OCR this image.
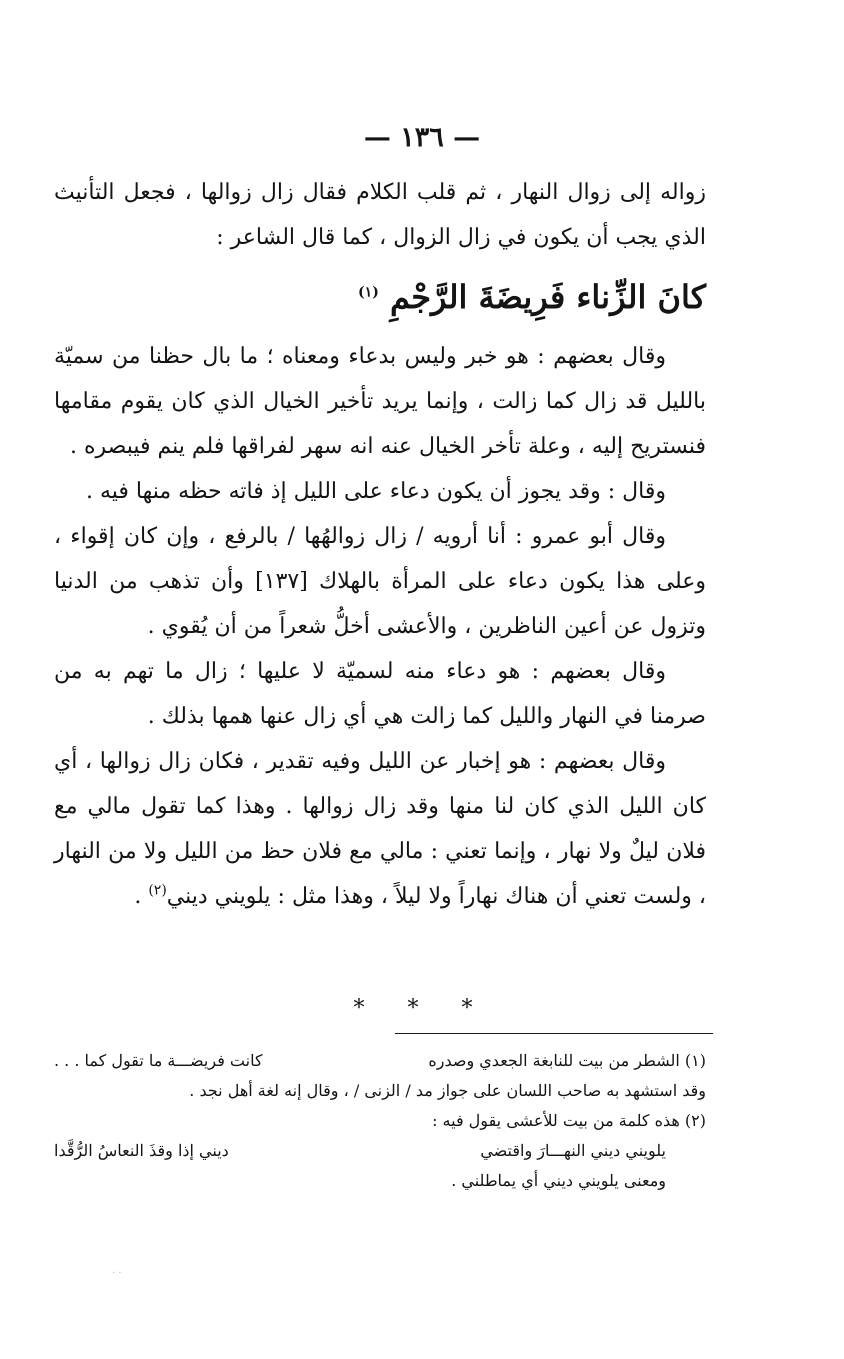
— ١٣٦ —

زواله إلى زوال النهار ، ثم قلب الكلام فقال زال زوالها ، فجعل التأنيث الذي يجب أن يكون في زال الزوال ، كما قال الشاعر :

كانَ الزِّناء فَرِيضَةَ الرَّجْمِ $^{(١)}$

وقال بعضهم : هو خبر وليس بدعاء ومعناه ؛ ما بال حظنا من سميّة بالليل قد زال كما زالت ، وإنما يريد تأخير الخيال الذي كان يقوم مقامها فنستريح إليه ، وعلة تأخر الخيال عنه انه سهر لفراقها فلم ينم فيبصره .

وقال : وقد يجوز أن يكون دعاء على الليل إذ فاته حظه منها فيه .

وقال أبو عمرو : أنا أرويه / زال زوالهُها / بالرفع ، وإن كان إقواء ، وعلى هذا يكون دعاء على المرأة بالهلاك [١٣٧] وأن تذهب من الدنيا وتزول عن أعين الناظرين ، والأعشى أخلُّ شعراً من أن يُقوي .

وقال بعضهم : هو دعاء منه لسميّة لا عليها ؛ زال ما تهم به من صرمنا في النهار والليل كما زالت هي أي زال عنها همها بذلك .

وقال بعضهم : هو إخبار عن الليل وفيه تقدير ، فكان زال زوالها ، أي كان الليل الذي كان لنا منها وقد زال زوالها . وهذا كما تقول مالي مع فلان ليلٌ ولا نهار ، وإنما تعني : مالي مع فلان حظ من الليل ولا من النهار ، ولست تعني أن هناك نهاراً ولا ليلاً ، وهذا مثل : يلويني ديني$^{(٢)}$ .

* * *
(١) الشطر من بيت للنابغة الجعدي وصدره
كانت فريضـــة ما تقول كما . . .

وقد استشهد به صاحب اللسان على جواز مد / الزنى / ، وقال إنه لغة أهل نجد .

(٢) هذه كلمة من بيت للأعشى يقول فيه :

يلويني ديني النهـــارَ واقتضي
ديني إذا وقذَ النعاسُ الرُّقَّدا

ومعنى يلويني ديني أي يماطلني .

· ·
